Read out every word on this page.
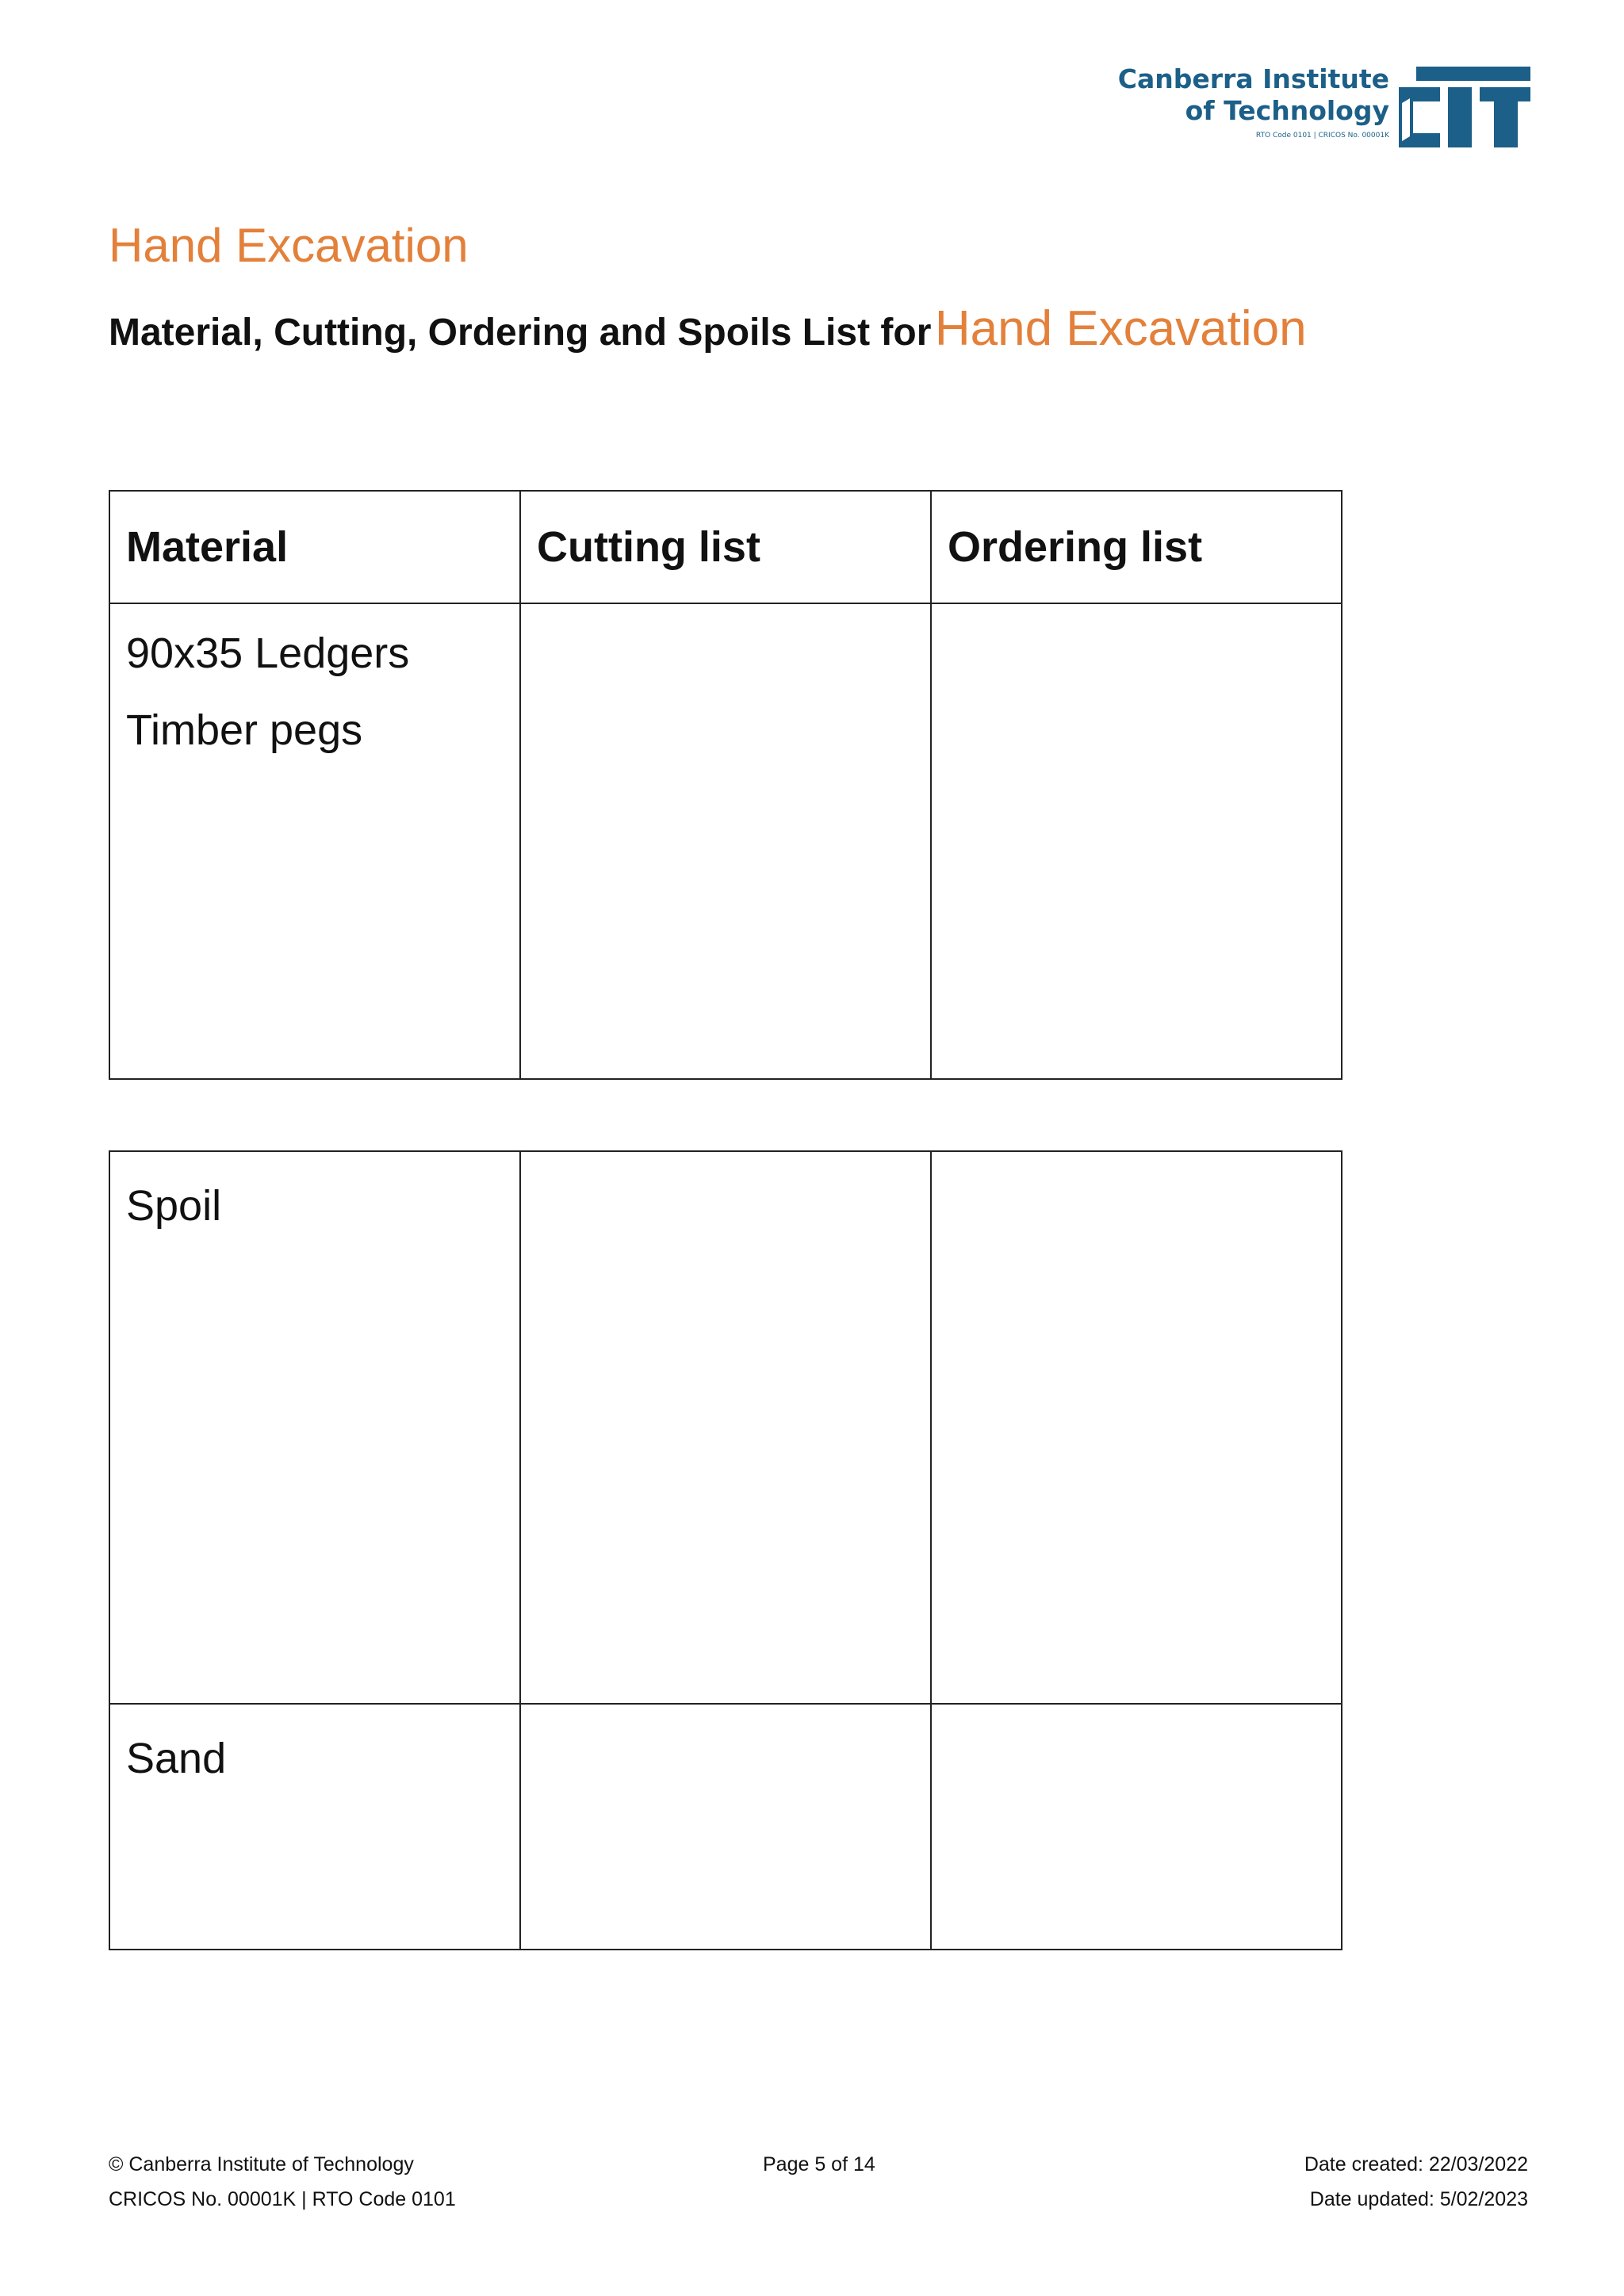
Canberra Institute
of Technology
RTO Code 0101 | CRICOS No. 00001K
Hand Excavation
Material, Cutting, Ordering and Spoils List for Hand Excavation
Material	Cutting list	Ordering list

90x35 Ledgers
Timber pegs		

Spoil		
Sand		
© Canberra Institute of Technology
CRICOS No. 00001K | RTO Code 0101
Page 5 of 14	Date created: 22/03/2022
Date updated: 5/02/2023
